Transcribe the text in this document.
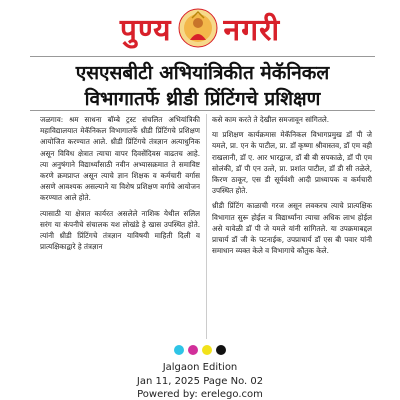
पुण्य नगरी
एसएसबीटी अभियांत्रिकीत मेकॅनिकल
विभागातर्फे थ्रीडी प्रिंटिंगचे प्रशिक्षण

जळगाव: श्रम साधना बॉम्बे ट्रस्ट संचलित अभियांत्रिकी महाविद्यालयात मेकॅनिकल विभागातर्फे थ्रीडी प्रिंटिंगचे प्रशिक्षण आयोजित करण्यात आले. थ्रीडी प्रिंटिंगचे तंत्रज्ञान अत्याधुनिक असून विविध क्षेत्रात त्याचा वापर दिवसेंदिवस वाढतच आहे. त्या अनुषंगाने विद्यार्थ्यांसाठी नवीन अभ्यासक्रमात ते समाविष्ट करणे क्रमप्राप्त असून त्याचे ज्ञान शिक्षक व कर्मचारी वर्गास असणे आवश्यक असल्याने या विशेष प्रशिक्षण वर्गाचे आयोजन करण्यात आले होते.

त्यासाठी या क्षेत्रात कार्यरत असलेले नाशिक येथील सलिल सरंग या कंपनीचे संचालक यश लोखंडे हे खास उपस्थित होते. त्यांनी थ्रीडी प्रिंटिंगचे तंत्रज्ञान याविषयी माहिती दिली व प्रात्यक्षिकाद्वारे हे तंत्रज्ञान

कसे काम करते ते देखील समजावून सांगितले.

या प्रशिक्षण कार्यक्रमास मेकॅनिकल विभागप्रमुख डॉ पी जे यमले, प्रा. एन के पाटील, प्रा. डॉ कृष्णा श्रीवास्तव, डॉ एम वही राखलानी, डॉ ए. आर भारद्वाज, डॉ बी बी सपकाळे, डॉ पी एम सोलंकी, डॉ पी एन उत्ले, प्रा. प्रशांत पाटील, डॉ डी सी तळेले, किरण ठाकूर, एस डी सूर्यवंशी आदी प्राध्यापक व कर्मचारी उपस्थित होते.

थ्रीडी प्रिंटिंग काळाची गरज असून लवकरच त्याचे प्रात्यक्षिक विभागात सुरू होईल व विद्यार्थ्यांना त्याचा अधिक लाभ होईल असे यावेळी डॉ पी जे यमले यांनी सांगितले. या उपक्रमाबद्दल प्राचार्य डॉ जी के पटनाईक, उपप्राचार्य डॉ एस बी पवार यांनी समाधान व्यक्त केले व विभागाचे कौतुक केले.

Jalgaon Edition
Jan 11, 2025 Page No. 02
Powered by: erelego.com
